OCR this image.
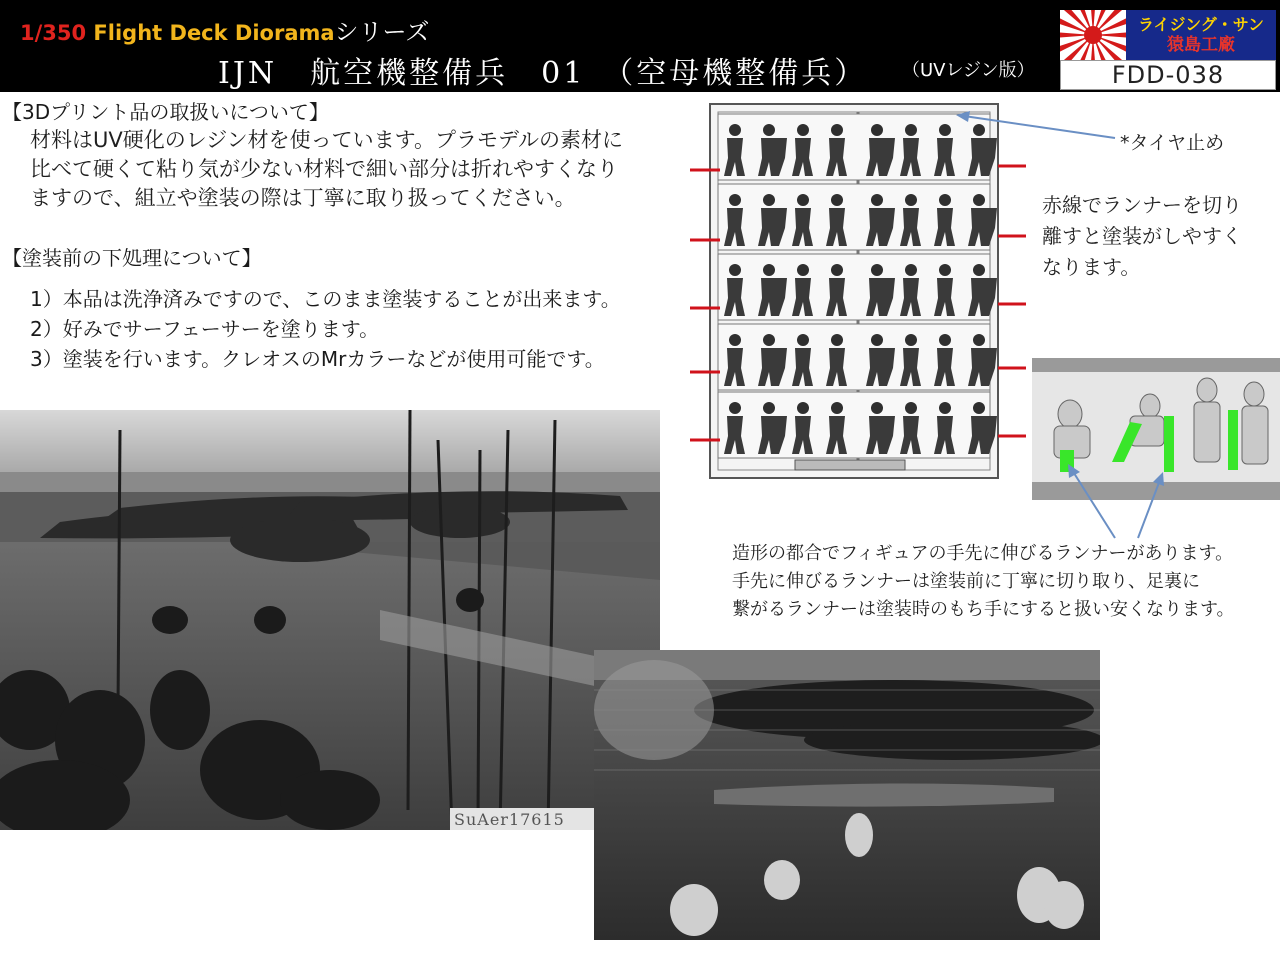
1/350 Flight Deck Dioramaシリーズ
IJN　航空機整備兵　01　（空母機整備兵） （UVレジン版）
ライジング・サン
猿島工廠
FDD-038
【3Dプリント品の取扱いについて】
材料はUV硬化のレジン材を使っています。プラモデルの素材に比べて硬くて粘り気が少ない材料で細い部分は折れやすくなりますので、組立や塗装の際は丁寧に取り扱ってください。
【塗装前の下処理について】
1）本品は洗浄済みですので、このまま塗装することが出来ます。
2）好みでサーフェーサーを塗ります。
3）塗装を行います。クレオスのMrカラーなどが使用可能です。
*タイヤ止め
赤線でランナーを切り離すと塗装がしやすくなります。
造形の都合でフィギュアの手先に伸びるランナーがあります。
手先に伸びるランナーは塗装前に丁寧に切り取り、足裏に
繋がるランナーは塗装時のもち手にすると扱い安くなります。
SuAer17615
